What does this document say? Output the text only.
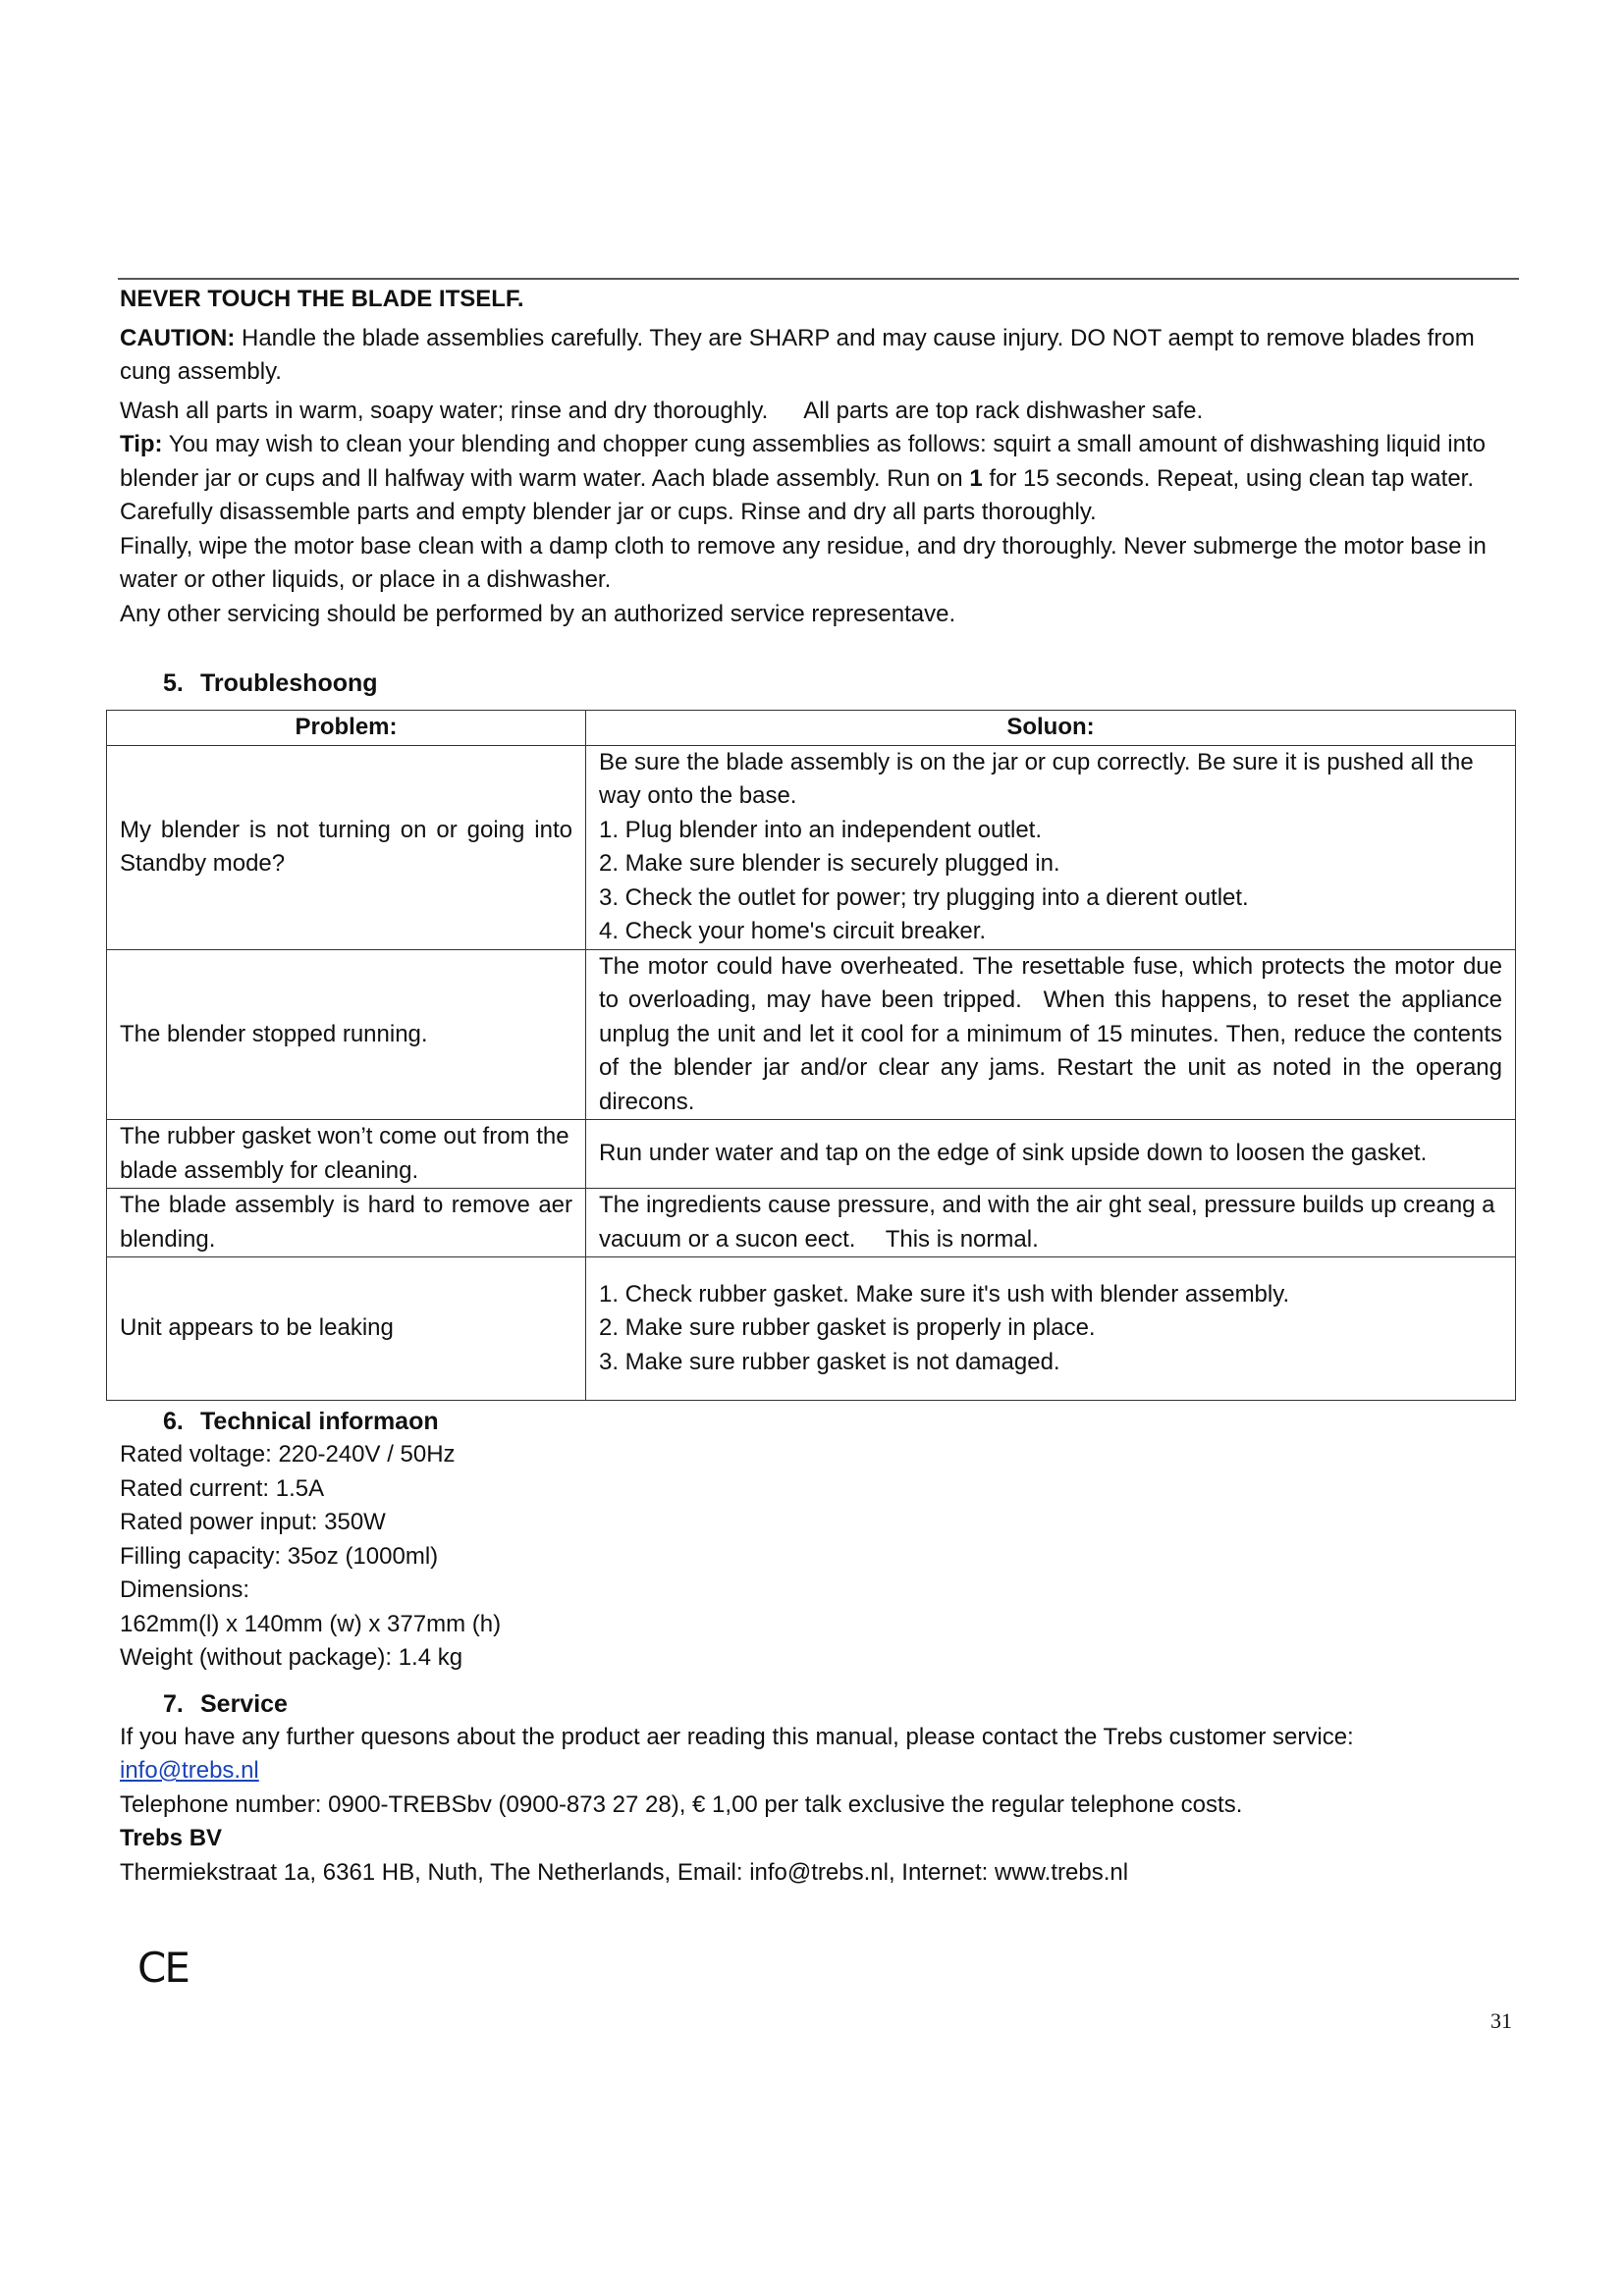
NEVER TOUCH THE BLADE ITSELF.

CAUTION: Handle the blade assemblies carefully. They are SHARP and may cause injury. DO NOT aempt to remove blades from cung assembly.

Wash all parts in warm, soapy water; rinse and dry thoroughly.  All parts are top rack dishwasher safe.

Tip: You may wish to clean your blending and chopper cung assemblies as follows: squirt a small amount of dishwashing liquid into blender jar or cups and ll halfway with warm water. Aach blade assembly. Run on 1 for 15 seconds. Repeat, using clean tap water. Carefully disassemble parts and empty blender jar or cups. Rinse and dry all parts thoroughly.

Finally, wipe the motor base clean with a damp cloth to remove any residue, and dry thoroughly. Never submerge the motor base in water or other liquids, or place in a dishwasher.

Any other servicing should be performed by an authorized service representave.

5. Troubleshoong
Problem:	Soluon:
My blender is not turning on or going into Standby mode?	Be sure the blade assembly is on the jar or cup correctly. Be sure it is pushed all the way onto the base.
1. Plug blender into an independent outlet.
2. Make sure blender is securely plugged in.
3. Check the outlet for power; try plugging into a dierent outlet.
4. Check your home's circuit breaker.

The blender stopped running.	The motor could have overheated. The resettable fuse, which protects the motor due to overloading, may have been tripped.  When this happens, to reset the appliance unplug the unit and let it cool for a minimum of 15 minutes. Then, reduce the contents of the blender jar and/or clear any jams. Restart the unit as noted in the operang direcons.

The rubber gasket won’t come out from the blade assembly for cleaning.	Run under water and tap on the edge of sink upside down to loosen the gasket.

The blade assembly is hard to remove aer blending.	The ingredients cause pressure, and with the air ght seal, pressure builds up creang a vacuum or a sucon eect.  This is normal.

Unit appears to be leaking	1. Check rubber gasket. Make sure it's ush with blender assembly.
2. Make sure rubber gasket is properly in place.
3. Make sure rubber gasket is not damaged.
6. Technical informaon

Rated voltage: 220-240V / 50Hz

Rated current: 1.5A

Rated power input: 350W

Filling capacity: 35oz (1000ml)

Dimensions:

162mm(l) x 140mm (w) x 377mm (h)

Weight (without package): 1.4 kg

7. Service

If you have any further quesons about the product aer reading this manual, please contact the Trebs customer service:

info@trebs.nl

Telephone number: 0900-TREBSbv (0900-873 27 28), € 1,00 per talk exclusive the regular telephone costs.

Trebs BV

Thermiekstraat 1a, 6361 HB, Nuth, The Netherlands, Email: info@trebs.nl, Internet: www.trebs.nl

CE
31
